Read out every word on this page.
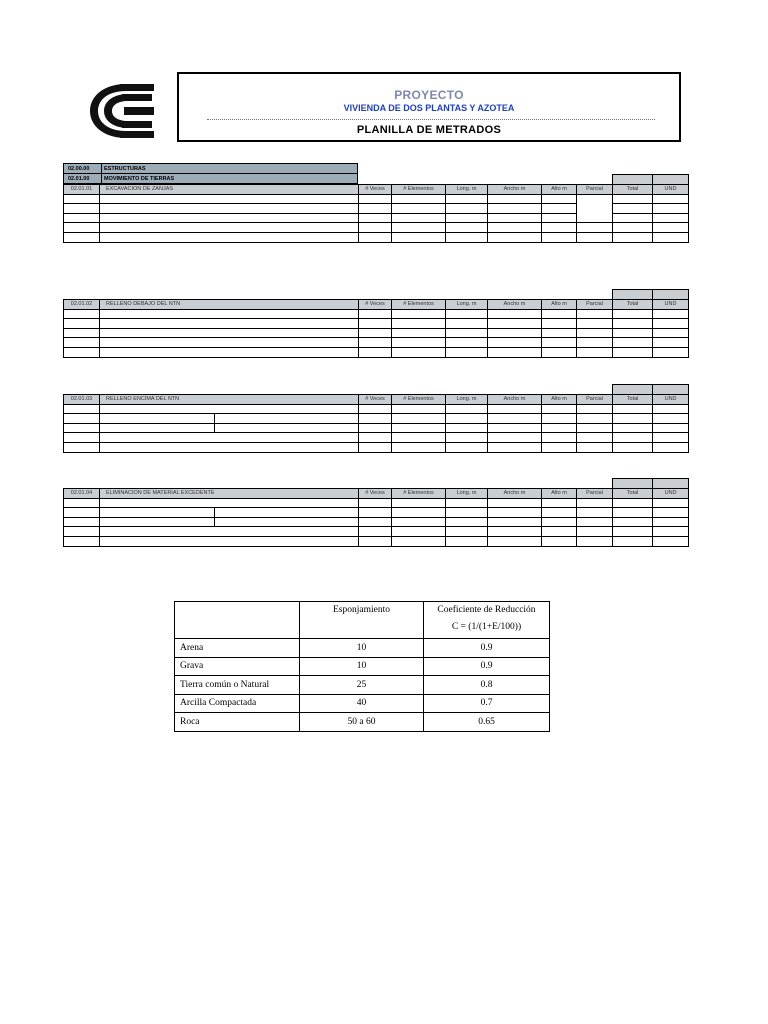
PROYECTO
VIVIENDA DE DOS PLANTAS Y AZOTEA
PLANILLA DE METRADOS
02.00.00	ESTRUCTURAS
02.01.00	MOVIMIENTO DE TIERRAS

02.01.01	EXCAVACION DE ZANJAS	# Veces	# Elementos	Long. m	Ancho m	Alto m	Parcial	Total	UND

02.01.02	RELLENO DEBAJO DEL NTN	# Veces	# Elementos	Long. m	Ancho m	Alto m	Parcial	Total	UND

02.01.03	RELLENO ENCIMA DEL NTN		# Veces	# Elementos	Long. m	Ancho m	Alto m	Parcial	Total	UND

02.01.04	ELIMINACION DE MATERIAL EXCEDENTE		# Veces	# Elementos	Long. m	Ancho m	Alto m	Parcial	Total	UND

	Esponjamiento	Coeficiente de Reducción
C = (1/(1+E/100))

Arena	10	0.9
Grava	10	0.9
Tierra común o Natural	25	0.8
Arcilla Compactada	40	0.7
Roca	50 a 60	0.65
